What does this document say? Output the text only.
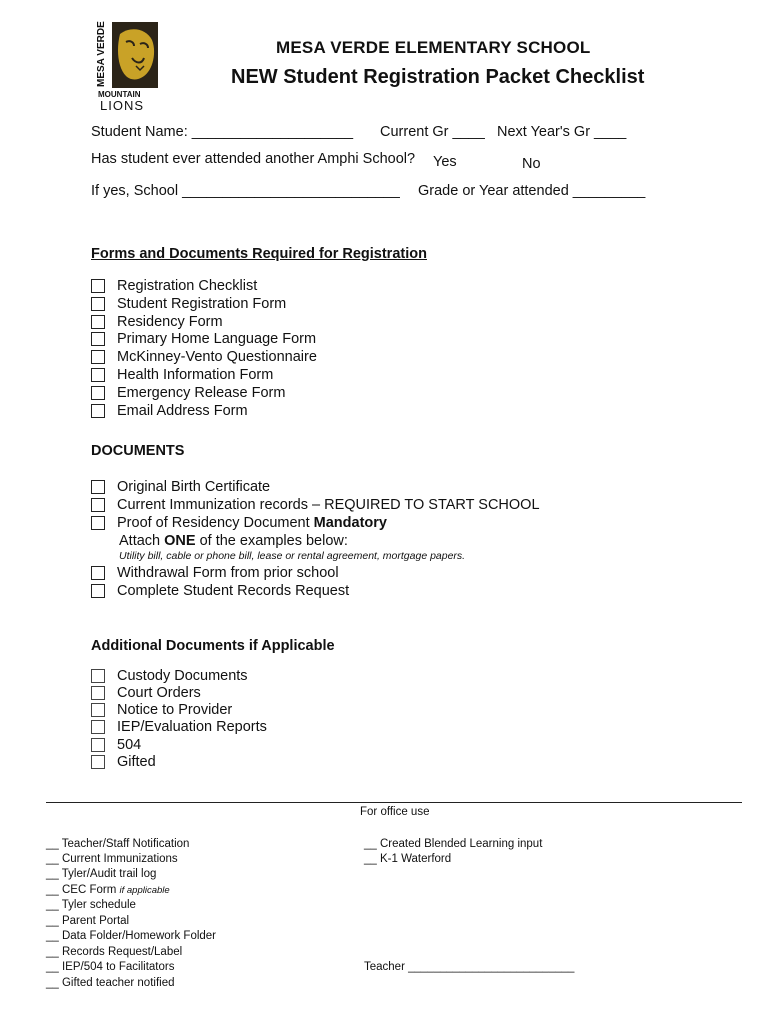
MESA VERDE
MOUNTAIN
LIONS
MESA VERDE ELEMENTARY SCHOOL
NEW Student Registration Packet Checklist
Student Name: ____________________ Current Gr ____ Next Year's Gr ____
Has student ever attended another Amphi School? Yes	No
If yes, School ___________________________ Grade or Year attended _________
Forms and Documents Required for Registration
Registration Checklist
Student Registration Form
Residency Form
Primary Home Language Form
McKinney-Vento Questionnaire
Health Information Form
Emergency Release Form
Email Address Form
DOCUMENTS
Original Birth Certificate
Current Immunization records – REQUIRED TO START SCHOOL
Proof of Residency Document
Mandatory
Attach ONE of the examples below:
Utility bill, cable or phone bill, lease or rental agreement, mortgage papers.
Withdrawal Form from prior school
Complete Student Records Request
Additional Documents if Applicable
Custody Documents
Court Orders
Notice to Provider
IEP/Evaluation Reports
504
Gifted
For office use
__ Teacher/Staff Notification
__ Current Immunizations
__ Tyler/Audit trail log
__ CEC Form if applicable
__ Tyler schedule
__ Parent Portal
__ Data Folder/Homework Folder
__ Records Request/Label
__ IEP/504 to Facilitators
__ Gifted teacher notified
__ Created Blended Learning input
__ K-1 Waterford
Teacher __________________________
